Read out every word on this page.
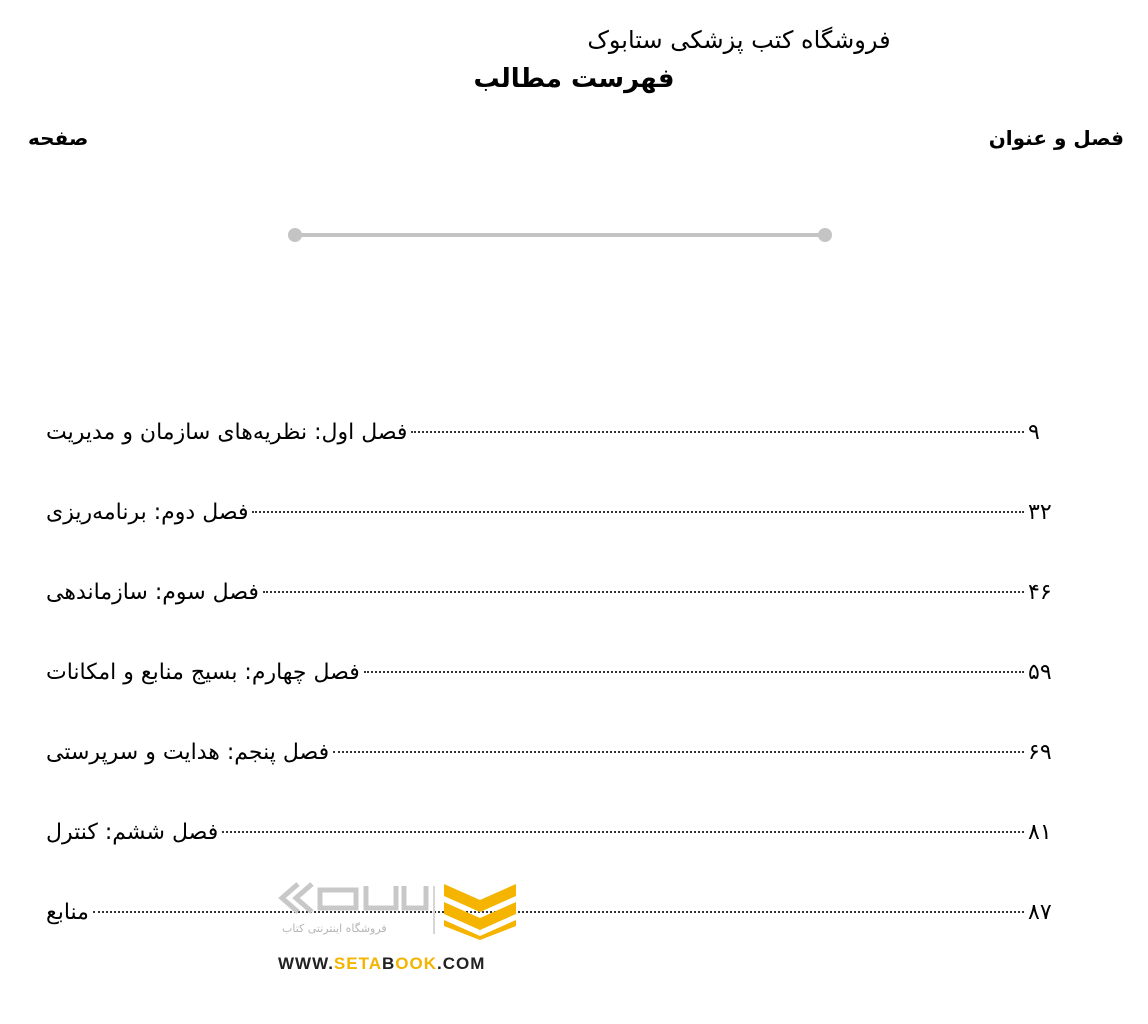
فروشگاه کتب پزشکی ستابوک
فهرست مطالب
فصل و عنوان
صفحه
فصل اول: نظریه‌های سازمان و مدیریت	۹
فصل دوم: برنامه‌ریزی	۳۲
فصل سوم: سازماندهی	۴۶
فصل چهارم: بسیج منابع و امکانات	۵۹
فصل پنجم: هدایت و سرپرستی	۶۹
فصل ششم: کنترل	۸۱
منابع	۸۷
فروشگاه اینترنتی کتاب
WWW.SETABOOK.COM
